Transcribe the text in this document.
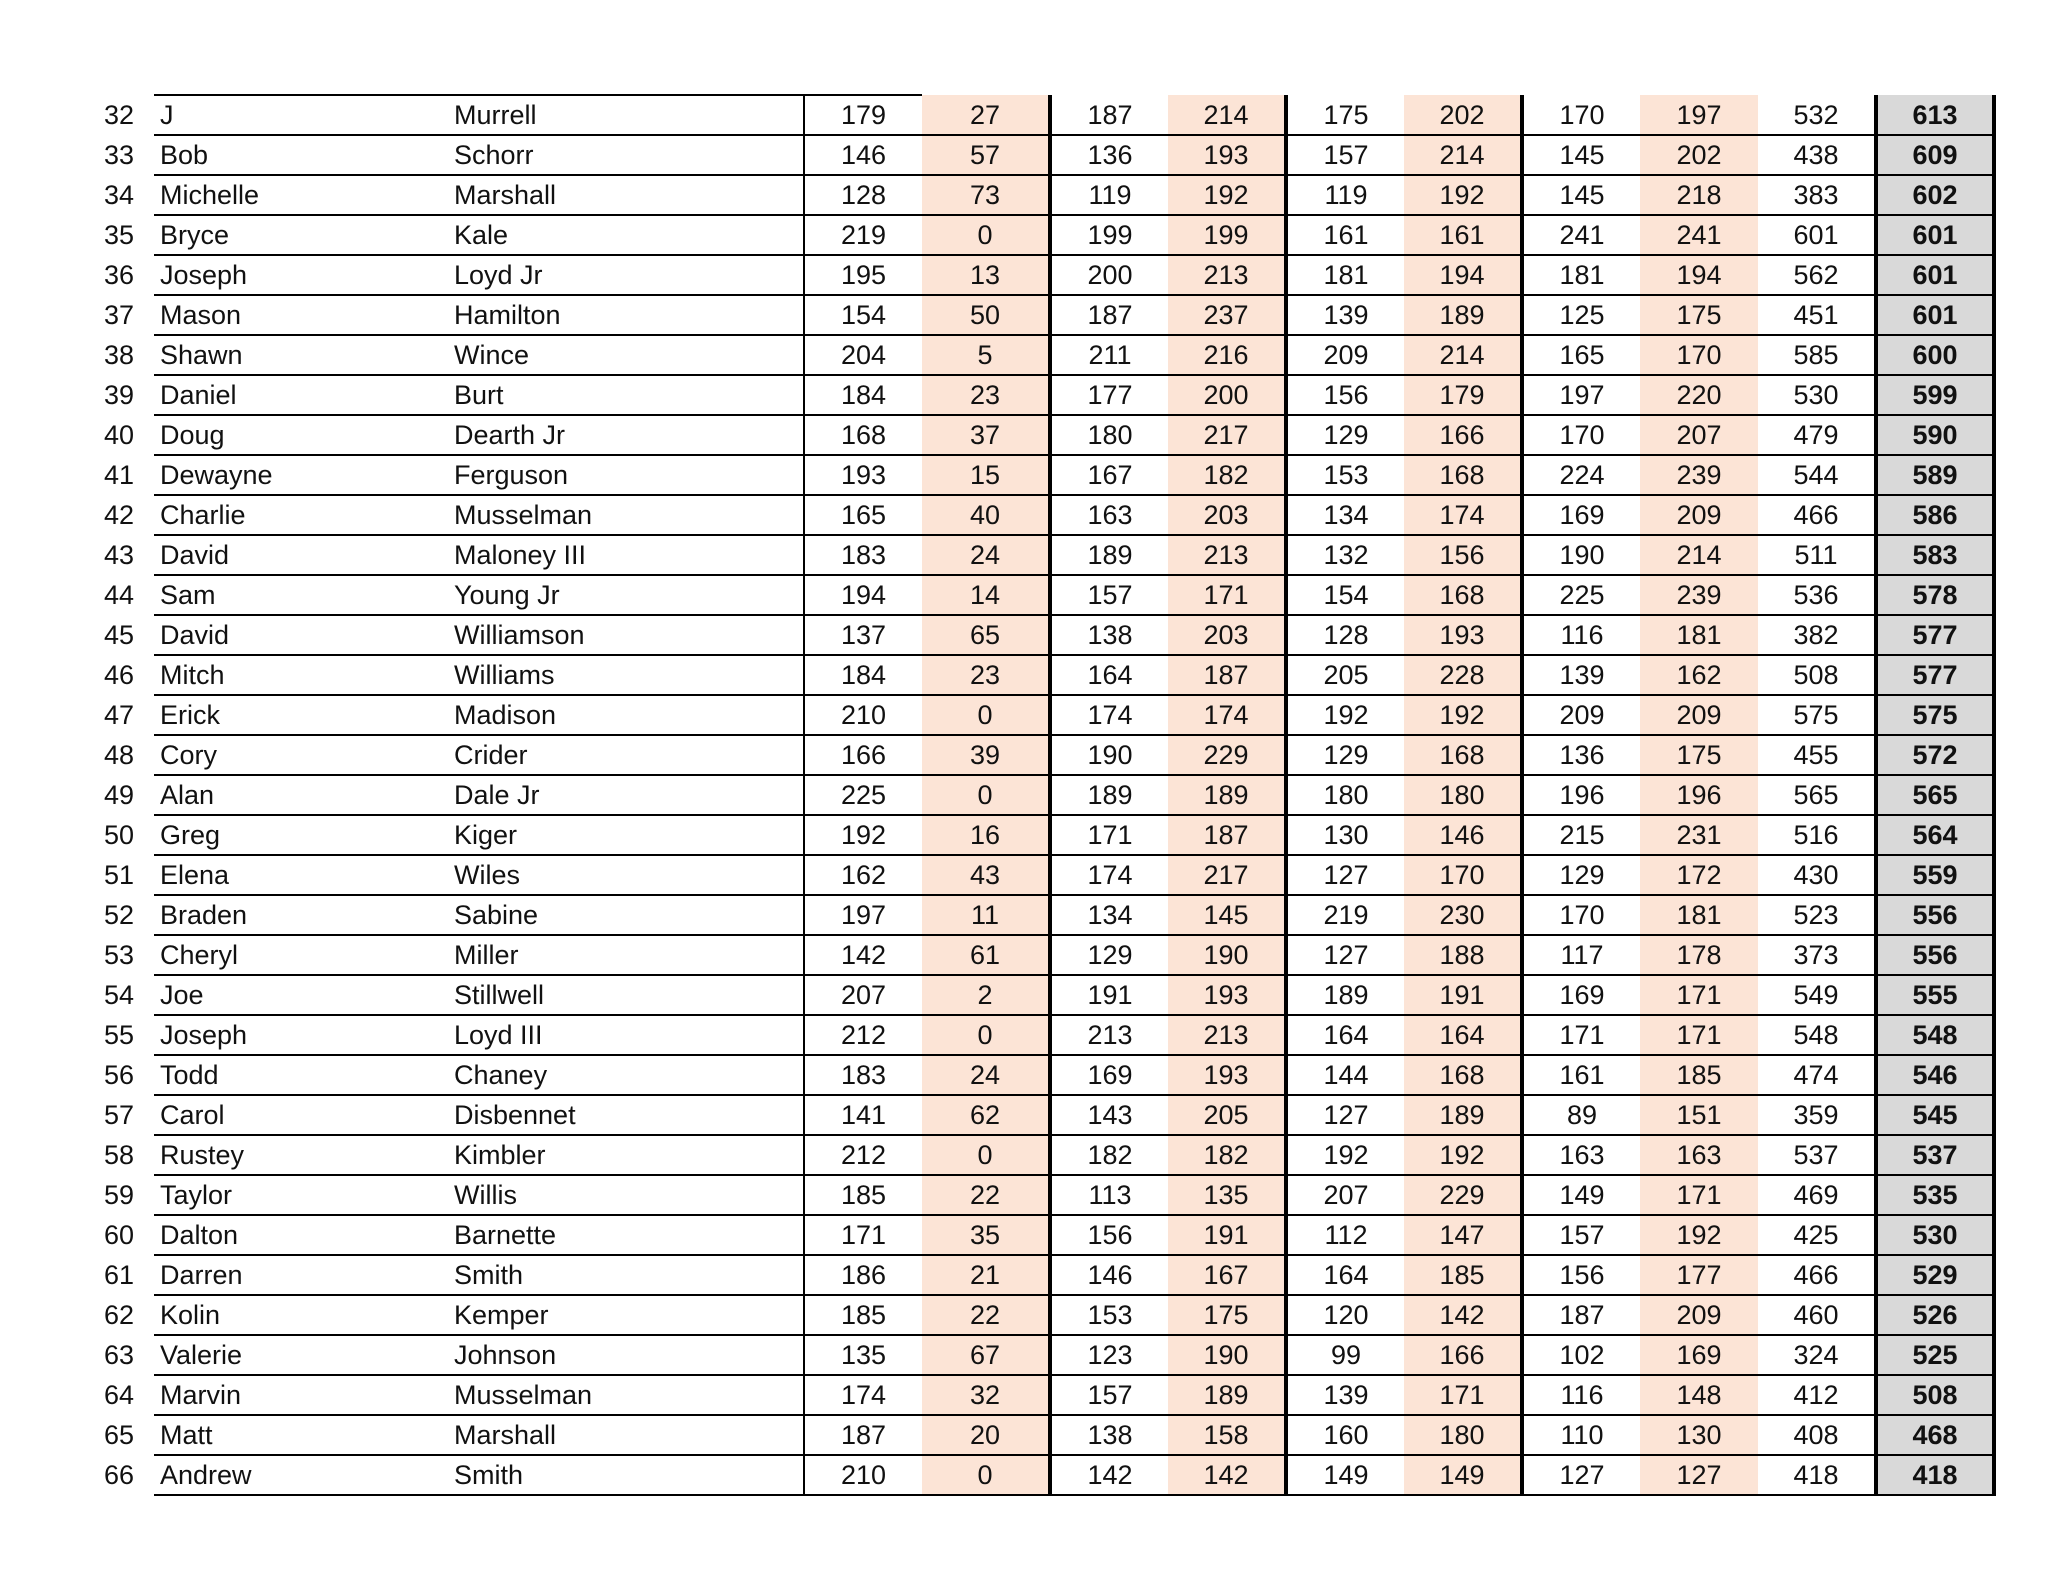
32	J	Murrell	179	27	187	214	175	202	170	197	532	613
33	Bob	Schorr	146	57	136	193	157	214	145	202	438	609
34	Michelle	Marshall	128	73	119	192	119	192	145	218	383	602
35	Bryce	Kale	219	0	199	199	161	161	241	241	601	601
36	Joseph	Loyd Jr	195	13	200	213	181	194	181	194	562	601
37	Mason	Hamilton	154	50	187	237	139	189	125	175	451	601
38	Shawn	Wince	204	5	211	216	209	214	165	170	585	600
39	Daniel	Burt	184	23	177	200	156	179	197	220	530	599
40	Doug	Dearth Jr	168	37	180	217	129	166	170	207	479	590
41	Dewayne	Ferguson	193	15	167	182	153	168	224	239	544	589
42	Charlie	Musselman	165	40	163	203	134	174	169	209	466	586
43	David	Maloney III	183	24	189	213	132	156	190	214	511	583
44	Sam	Young Jr	194	14	157	171	154	168	225	239	536	578
45	David	Williamson	137	65	138	203	128	193	116	181	382	577
46	Mitch	Williams	184	23	164	187	205	228	139	162	508	577
47	Erick	Madison	210	0	174	174	192	192	209	209	575	575
48	Cory	Crider	166	39	190	229	129	168	136	175	455	572
49	Alan	Dale Jr	225	0	189	189	180	180	196	196	565	565
50	Greg	Kiger	192	16	171	187	130	146	215	231	516	564
51	Elena	Wiles	162	43	174	217	127	170	129	172	430	559
52	Braden	Sabine	197	11	134	145	219	230	170	181	523	556
53	Cheryl	Miller	142	61	129	190	127	188	117	178	373	556
54	Joe	Stillwell	207	2	191	193	189	191	169	171	549	555
55	Joseph	Loyd III	212	0	213	213	164	164	171	171	548	548
56	Todd	Chaney	183	24	169	193	144	168	161	185	474	546
57	Carol	Disbennet	141	62	143	205	127	189	89	151	359	545
58	Rustey	Kimbler	212	0	182	182	192	192	163	163	537	537
59	Taylor	Willis	185	22	113	135	207	229	149	171	469	535
60	Dalton	Barnette	171	35	156	191	112	147	157	192	425	530
61	Darren	Smith	186	21	146	167	164	185	156	177	466	529
62	Kolin	Kemper	185	22	153	175	120	142	187	209	460	526
63	Valerie	Johnson	135	67	123	190	99	166	102	169	324	525
64	Marvin	Musselman	174	32	157	189	139	171	116	148	412	508
65	Matt	Marshall	187	20	138	158	160	180	110	130	408	468
66	Andrew	Smith	210	0	142	142	149	149	127	127	418	418
